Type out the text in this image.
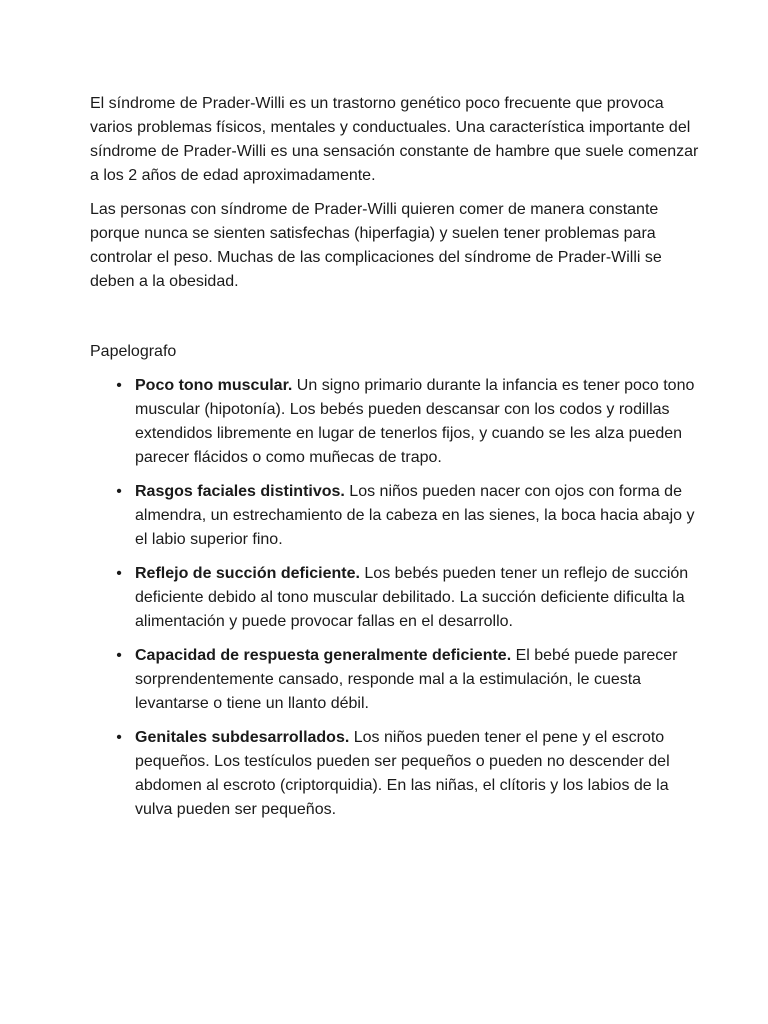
El síndrome de Prader-Willi es un trastorno genético poco frecuente que provoca varios problemas físicos, mentales y conductuales. Una característica importante del síndrome de Prader-Willi es una sensación constante de hambre que suele comenzar a los 2 años de edad aproximadamente.

Las personas con síndrome de Prader-Willi quieren comer de manera constante porque nunca se sienten satisfechas (hiperfagia) y suelen tener problemas para controlar el peso. Muchas de las complicaciones del síndrome de Prader-Willi se deben a la obesidad.

Papelografo

• Poco tono muscular. Un signo primario durante la infancia es tener poco tono muscular (hipotonía). Los bebés pueden descansar con los codos y rodillas extendidos libremente en lugar de tenerlos fijos, y cuando se les alza pueden parecer flácidos o como muñecas de trapo.
• Rasgos faciales distintivos. Los niños pueden nacer con ojos con forma de almendra, un estrechamiento de la cabeza en las sienes, la boca hacia abajo y el labio superior fino.
• Reflejo de succión deficiente. Los bebés pueden tener un reflejo de succión deficiente debido al tono muscular debilitado. La succión deficiente dificulta la alimentación y puede provocar fallas en el desarrollo.
• Capacidad de respuesta generalmente deficiente. El bebé puede parecer sorprendentemente cansado, responde mal a la estimulación, le cuesta levantarse o tiene un llanto débil.
• Genitales subdesarrollados. Los niños pueden tener el pene y el escroto pequeños. Los testículos pueden ser pequeños o pueden no descender del abdomen al escroto (criptorquidia). En las niñas, el clítoris y los labios de la vulva pueden ser pequeños.
